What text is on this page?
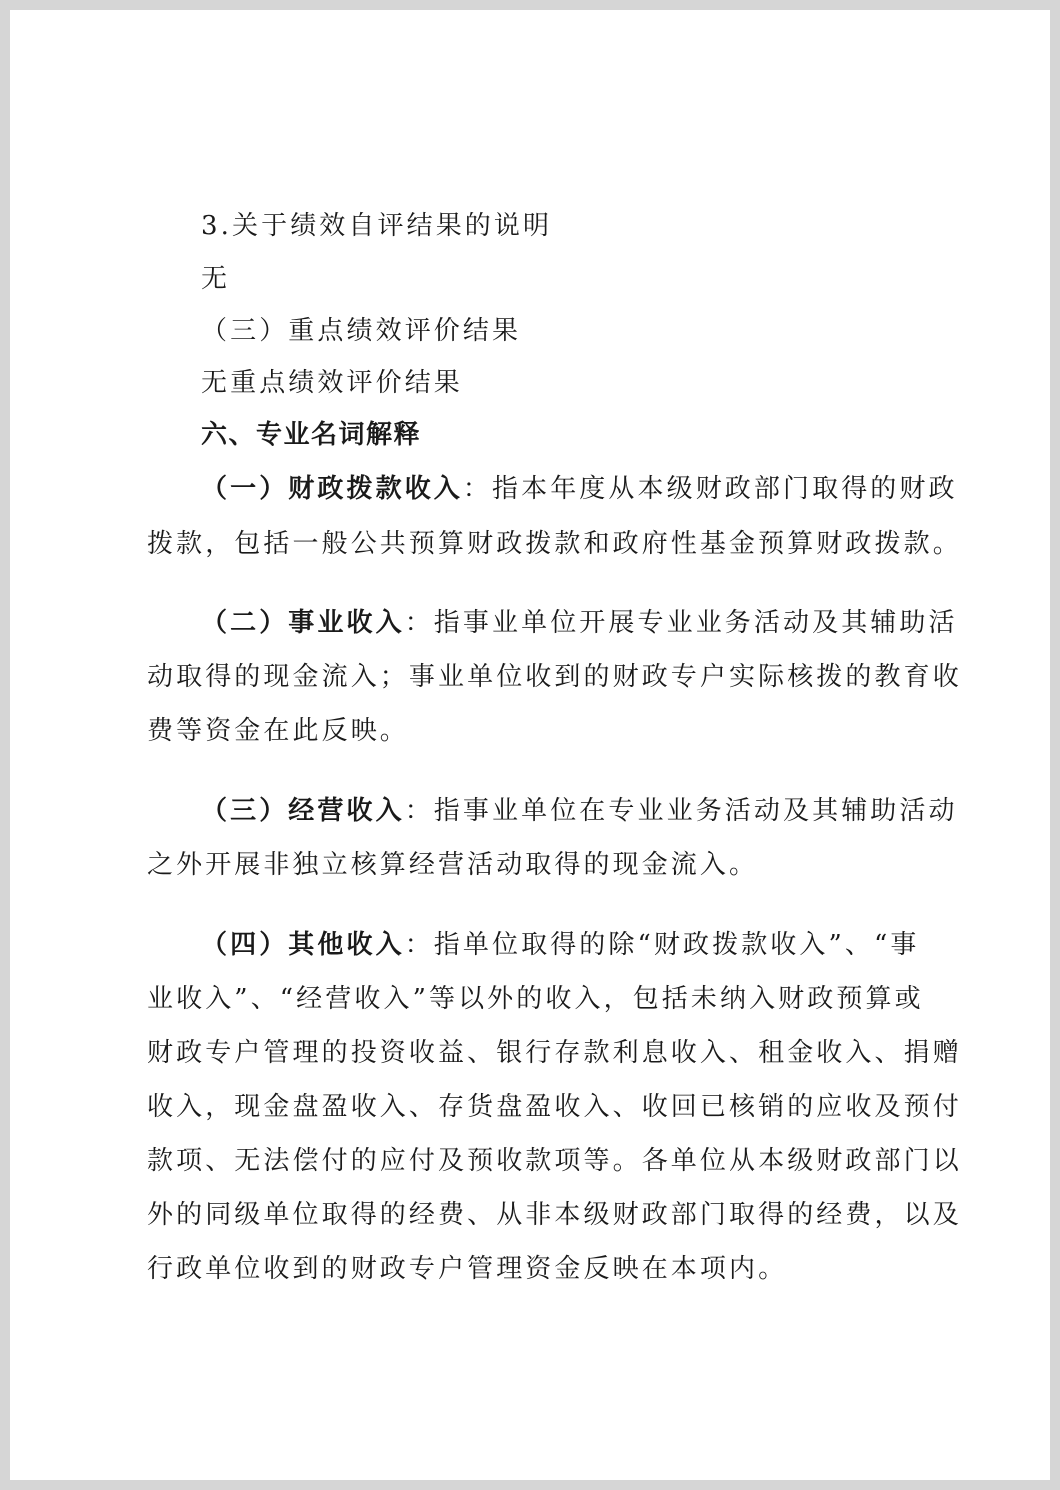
3.关于绩效自评结果的说明
无
（三）重点绩效评价结果
无重点绩效评价结果
六、专业名词解释
（一）财政拨款收入：指本年度从本级财政部门取得的财政
拨款，包括一般公共预算财政拨款和政府性基金预算财政拨款。
（二）事业收入：指事业单位开展专业业务活动及其辅助活
动取得的现金流入；事业单位收到的财政专户实际核拨的教育收
费等资金在此反映。
（三）经营收入：指事业单位在专业业务活动及其辅助活动
之外开展非独立核算经营活动取得的现金流入。
（四）其他收入：指单位取得的除“财政拨款收入”、“事
业收入”、“经营收入”等以外的收入，包括未纳入财政预算或
财政专户管理的投资收益、银行存款利息收入、租金收入、捐赠
收入，现金盘盈收入、存货盘盈收入、收回已核销的应收及预付
款项、无法偿付的应付及预收款项等。各单位从本级财政部门以
外的同级单位取得的经费、从非本级财政部门取得的经费，以及
行政单位收到的财政专户管理资金反映在本项内。
